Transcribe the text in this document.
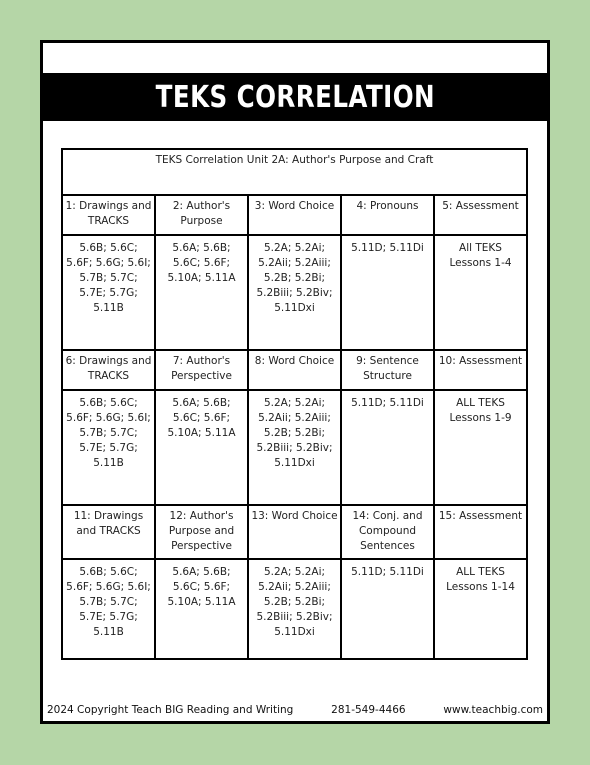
TEKS CORRELATION
TEKS Correlation Unit 2A: Author's Purpose and Craft				
1: Drawings and TRACKS	2: Author's Purpose	3: Word Choice	4: Pronouns	5: Assessment
5.6B; 5.6C; 5.6F; 5.6G; 5.6I; 5.7B; 5.7C; 5.7E; 5.7G; 5.11B	5.6A; 5.6B; 5.6C; 5.6F; 5.10A; 5.11A	5.2A; 5.2Ai; 5.2Aii; 5.2Aiii; 5.2B; 5.2Bi; 5.2Biii; 5.2Biv; 5.11Dxi	5.11D; 5.11Di	All TEKS Lessons 1-4
6: Drawings and TRACKS	7: Author's Perspective	8: Word Choice	9: Sentence Structure	10: Assessment
5.6B; 5.6C; 5.6F; 5.6G; 5.6I; 5.7B; 5.7C; 5.7E; 5.7G; 5.11B	5.6A; 5.6B; 5.6C; 5.6F; 5.10A; 5.11A	5.2A; 5.2Ai; 5.2Aii; 5.2Aiii; 5.2B; 5.2Bi; 5.2Biii; 5.2Biv; 5.11Dxi	5.11D; 5.11Di	ALL TEKS Lessons 1-9
11: Drawings and TRACKS	12: Author's Purpose and Perspective	13: Word Choice	14: Conj. and Compound Sentences	15: Assessment
5.6B; 5.6C; 5.6F; 5.6G; 5.6I; 5.7B; 5.7C; 5.7E; 5.7G; 5.11B	5.6A; 5.6B; 5.6C; 5.6F; 5.10A; 5.11A	5.2A; 5.2Ai; 5.2Aii; 5.2Aiii; 5.2B; 5.2Bi; 5.2Biii; 5.2Biv; 5.11Dxi	5.11D; 5.11Di	ALL TEKS Lessons 1-14
2024 Copyright Teach BIG Reading and Writing	281-549-4466	www.teachbig.com
